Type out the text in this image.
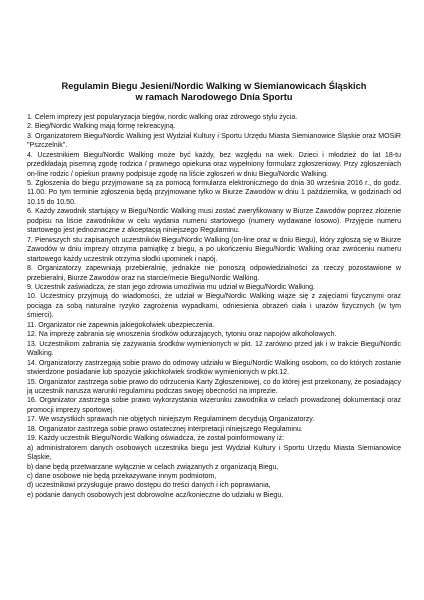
Regulamin Biegu Jesieni/Nordic Walking w Siemianowicach Śląskich
w ramach Narodowego Dnia Sportu

1. Celem imprezy jest popularyzacja biegów, nordic walking oraz zdrowego stylu życia.

2. Bieg/Nordic Walking mają formę rekreacyjną.

3. Organizatorem Biegu/Nordic Walking jest Wydział Kultury i Sportu Urzędu Miasta Siemianowice Śląskie oraz MOSiR "Pszczelnik".

4. Uczestnikiem Biegu/Nordic Walking może być każdy, bez względu na wiek. Dzieci i młodzież do lat 18-tu przedkładają pisemną zgodę rodzica / prawnego opiekuna oraz wypełniony formularz zgłoszeniowy. Przy zgłoszeniach on-line rodzic / opiekun prawny podpisuje zgodę na liście zgłoszeń w dniu Biegu/Nordic Walking.

5. Zgłoszenia do biegu przyjmowane są za pomocą formularza elektronicznego do dnia 30 września 2016 r., do godz. 11.00. Po tym terminie zgłoszenia będą przyjmowane tylko w Biurze Zawodów w dniu 1 października, w godzinach od 10.15 do 10.50.

6. Każdy zawodnik startujący w Biegu/Nordic Walking musi zostać zweryfikowany w Biurze Zawodów poprzez złożenie podpisu na liście zawodników w celu wydania numeru startowego (numery wydawane losowo). Przyjęcie numeru startowego jest jednoznaczne z akceptacją niniejszego Regulaminu.

7. Pierwszych stu zapisanych uczestników Biegu/Nordic Walking (on-line oraz w dniu Biegu), który zgłoszą się w Biurze Zawodów w dniu imprezy otrzyma pamiątkę z biegu, a po ukończeniu Biegu/Nordic Walking oraz zwróceniu numeru startowego każdy uczestnik otrzyma słodki upominek i napój.

8. Organizatorzy zapewniają przebieralnię, jednakże nie ponoszą odpowiedzialności za rzeczy pozostawione w przebieralni, Biurze Zawodów oraz na starcie/mecie Biegu/Nordic Walking.

9. Uczestnik zaświadcza, że stan jego zdrowia umożliwia mu udział w Biegu/Nordic Walking.

10. Uczestnicy przyjmują do wiadomości, że udział w Biegu/Nordic Walking wiąże się z zajęciami fizycznymi oraz pociąga za sobą naturalne ryzyko zagrożenia wypadkami, odniesienia obrażeń ciała i urazów fizycznych (w tym śmierci).

11. Organizator nie zapewnia jakiegokolwiek ubezpieczenia.

12. Na imprezę zabrania się wnoszenia środków odurzających, tytoniu oraz napojów alkoholowych.

13. Uczestnikom zabrania się zażywania środków wymienionych w pkt. 12 zarówno przed jak i w trakcie Biegu/Nordic Walking.

14. Organizatorzy zastrzegają sobie prawo do odmowy udziału w Biegu/Nordic Walking osobom, co do których zostanie stwierdzone posiadanie lub spożycie jakichkolwiek środków wymienionych w pkt.12.

15. Organizator zastrzega sobie prawo do odrzucenia Karty Zgłoszeniowej, co do której jest przekonany, że posiadający ją uczestnik narusza warunki regulaminu podczas swojej obecności na imprezie.

16. Organizator zastrzega sobie prawo wykorzystania wizerunku zawodnika w celach prowadzonej dokumentacji oraz promocji imprezy sportowej.

17. We wszystkich sprawach nie objętych niniejszym Regulaminem decydują Organizatorzy.

18. Organizator zastrzega sobie prawo ostatecznej interpretacji niniejszego Regulaminu.

19. Każdy uczestnik Biegu/Nordic Walking oświadcza, że został poinformowany iż:

a) administratorem danych osobowych uczestnika biegu jest Wydział Kultury i Sportu Urzędu Miasta Siemianowice Śląskie,

b) dane będą przetwarzane wyłącznie w celach związanych z organizacją Biegu,

c) dane osobowe nie będą przekazywane innym podmiotom,

d) uczestnikowi przysługuje prawo dostępu do treści danych i ich poprawiania,

e) podanie danych osobowych jest dobrowolne acz/konieczne do udziału w Biegu.
